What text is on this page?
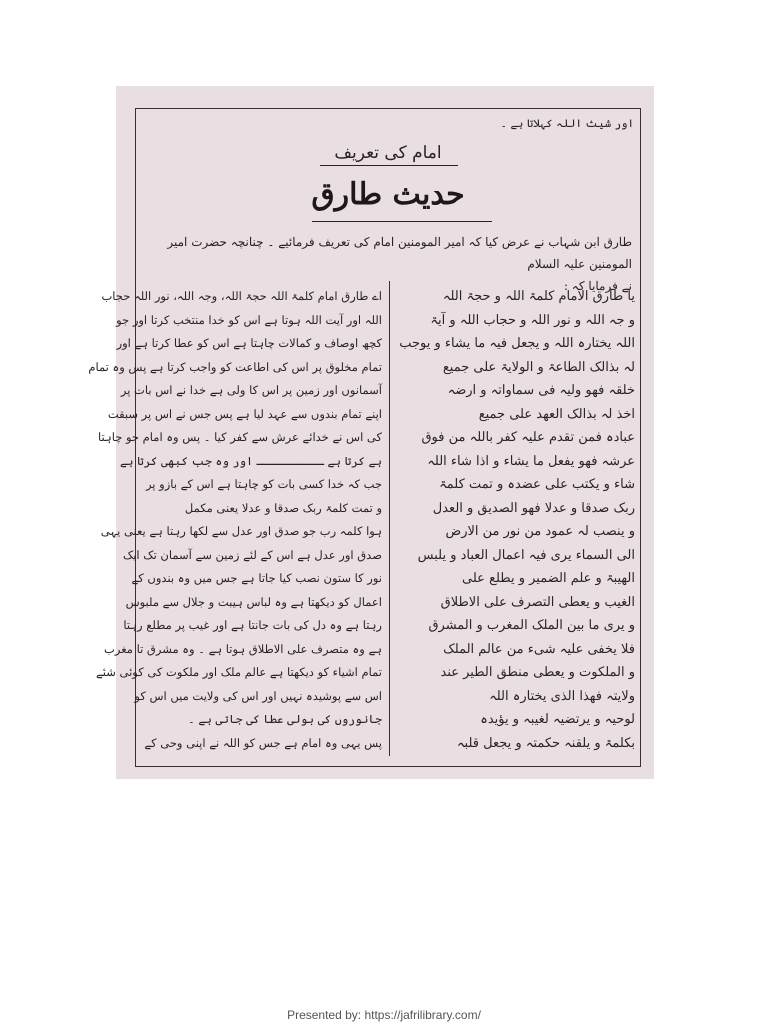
اور شیث اللہ کہلاتا ہے ۔
امام کی تعریف
حدیث طارق
طارق ابن شہاب نے عرض کیا کہ امیر المومنین امام کی تعریف فرمائیے ۔ چنانچہ حضرت امیر المومنین علیہ السلام
نے فرمایا کہ :
یا طارق الامام کلمۃ اللہ و حجۃ اللہ
و جہ اللہ و نور اللہ و حجاب اللہ و آیۃ
اللہ یختارہ اللہ و یجعل فیہ ما یشاء و یوجب
لہ بذالک الطاعۃ و الولایۃ علی جمیع
خلقہ فھو ولیہ فی سماواتہ و ارضہ
اخذ لہ بذالک العھد علی جمیع
عبادہ فمن تقدم علیہ کفر باللہ من فوق
عرشہ فھو یفعل ما یشاء و اذا شاء اللہ
شاء و یکتب علی عضدہ و تمت کلمۃ
ربک صدقا و عدلا فھو الصدیق و العدل
و ینصب لہ عمود من نور من الارض
الی السماء یری فیہ اعمال العباد و یلبس
الھیبۃ و علم الضمیر و یطلع علی
الغیب و یعطی التصرف علی الاطلاق
و یری ما بین الملک المغرب و المشرق
فلا یخفی علیہ شیء من عالم الملک
و الملکوت و یعطی منطق الطیر عند
ولایتہ فھذا الذی یختارہ اللہ
لوحیہ و یرتضیہ لغیبہ و یؤیدہ
بکلمۃ و یلقنہ حکمتہ و یجعل قلبہ
اے طارق امام کلمۃ اللہ حجۃ اللہ، وجہ اللہ، نور اللہ حجاب
اللہ اور آیت اللہ ہوتا ہے اس کو خدا منتخب کرتا اور جو
کچھ اوصاف و کمالات چاہتا ہے اس کو عطا کرتا ہے اور
تمام مخلوق پر اس کی اطاعت کو واجب کرتا ہے پس وہ تمام
آسمانوں اور زمین پر اس کا ولی ہے خدا نے اس بات پر
اپنے تمام بندوں سے عہد لیا ہے پس جس نے اس پر سبقت
کی اس نے خدائے عرش سے کفر کیا ۔ پس وہ امام جو چاہتا
ہے کرتا ہے ــــــــــ اور وہ جب کبھی کرتا ہے
جب کہ خدا کسی بات کو چاہتا ہے اس کے بازو پر
و تمت کلمۃ ربک صدقا و عدلا یعنی مکمل
ہوا کلمہ رب جو صدق اور عدل سے لکھا رہتا ہے یعنی یہی
صدق اور عدل ہے اس کے لئے زمین سے آسمان تک ایک
نور کا ستون نصب کیا جاتا ہے جس میں وہ بندوں کے
اعمال کو دیکھتا ہے وہ لباس ہیبت و جلال سے ملبوس
رہتا ہے وہ دل کی بات جانتا ہے اور غیب پر مطلع رہتا
ہے وہ متصرف علی الاطلاق ہوتا ہے ۔ وہ مشرق تا مغرب
تمام اشیاء کو دیکھتا ہے عالم ملک اور ملکوت کی کوئی شئے
اس سے پوشیدہ نہیں اور اس کی ولایت میں اس کو
جانوروں کی بولی عطا کی جاتی ہے ۔
پس یہی وہ امام ہے جس کو اللہ نے اپنی وحی کے
Presented by: https://jafrilibrary.com/
